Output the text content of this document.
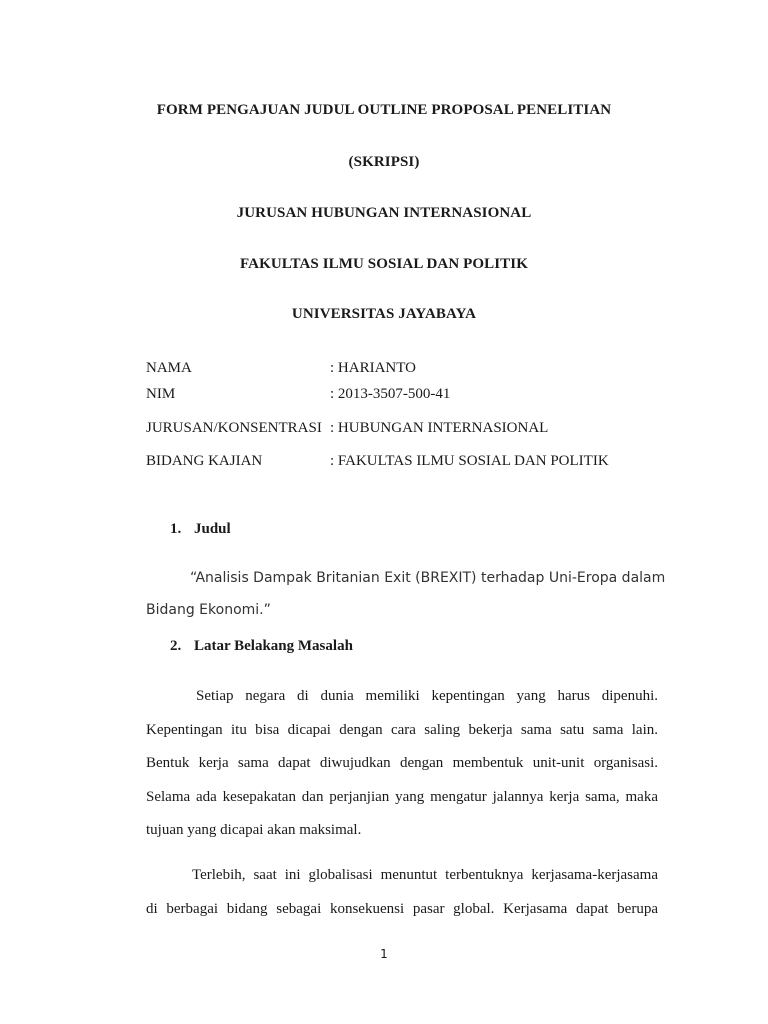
FORM PENGAJUAN JUDUL OUTLINE PROPOSAL PENELITIAN
(SKRIPSI)
JURUSAN HUBUNGAN INTERNASIONAL
FAKULTAS ILMU SOSIAL DAN POLITIK
UNIVERSITAS JAYABAYA
NAMA	: HARIANTO
NIM	: 2013-3507-500-41
JURUSAN/KONSENTRASI : HUBUNGAN INTERNASIONAL
BIDANG KAJIAN	: FAKULTAS ILMU SOSIAL DAN POLITIK
1. Judul
“Analisis Dampak Britanian Exit (BREXIT) terhadap Uni-Eropa dalam
Bidang Ekonomi.”
2. Latar Belakang Masalah
Setiap negara di dunia memiliki kepentingan yang harus dipenuhi.
Kepentingan itu bisa dicapai dengan cara saling bekerja sama satu sama lain.
Bentuk kerja sama dapat diwujudkan dengan membentuk unit-unit organisasi.
Selama ada kesepakatan dan perjanjian yang mengatur jalannya kerja sama, maka
tujuan yang dicapai akan maksimal.
Terlebih, saat ini globalisasi menuntut terbentuknya kerjasama-kerjasama
di berbagai bidang sebagai konsekuensi pasar global. Kerjasama dapat berupa
1
